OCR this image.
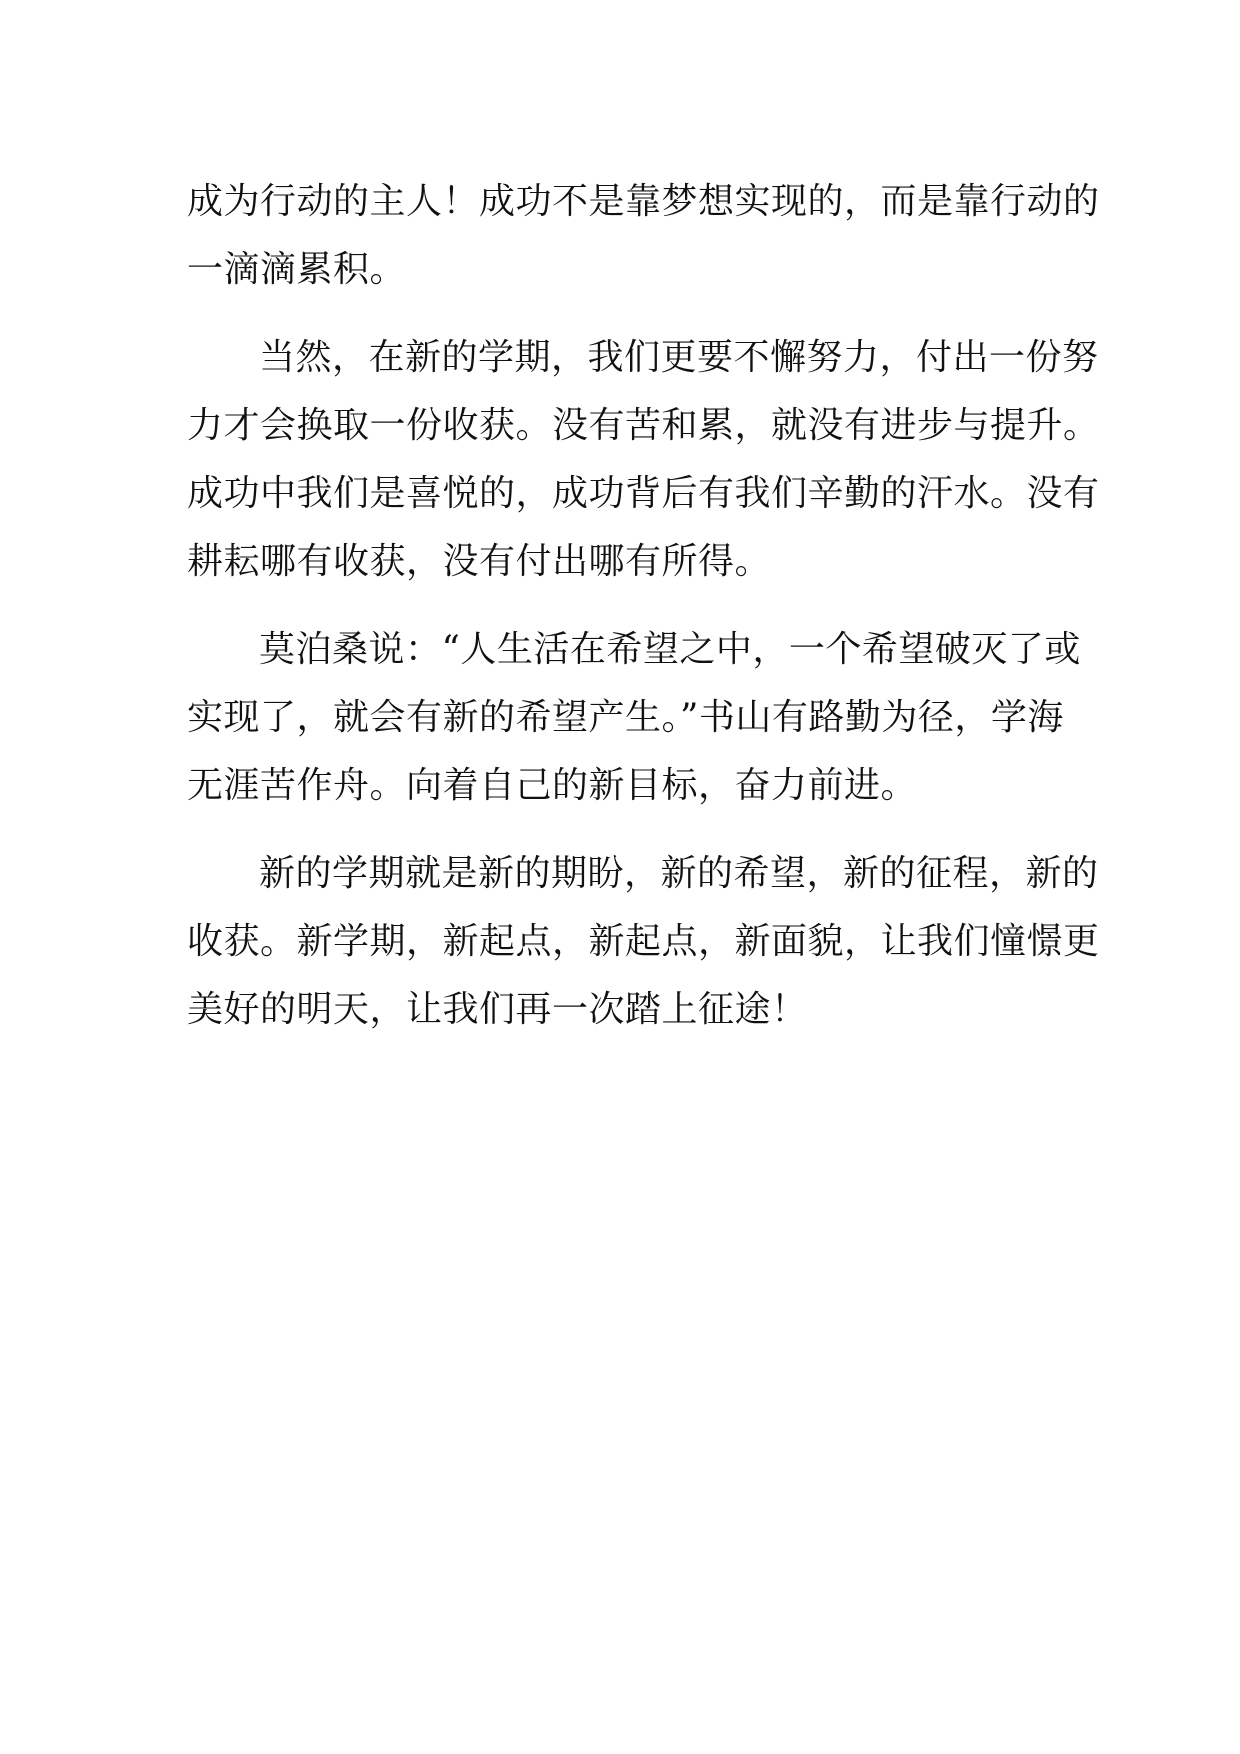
成为行动的主人！成功不是靠梦想实现的，而是靠行动的
一滴滴累积。
当然，在新的学期，我们更要不懈努力，付出一份努
力才会换取一份收获。没有苦和累，就没有进步与提升。
成功中我们是喜悦的，成功背后有我们辛勤的汗水。没有
耕耘哪有收获，没有付出哪有所得。
莫泊桑说：“人生活在希望之中，一个希望破灭了或
实现了，就会有新的希望产生。”书山有路勤为径，学海
无涯苦作舟。向着自己的新目标，奋力前进。
新的学期就是新的期盼，新的希望，新的征程，新的
收获。新学期，新起点，新起点，新面貌，让我们憧憬更
美好的明天，让我们再一次踏上征途！
